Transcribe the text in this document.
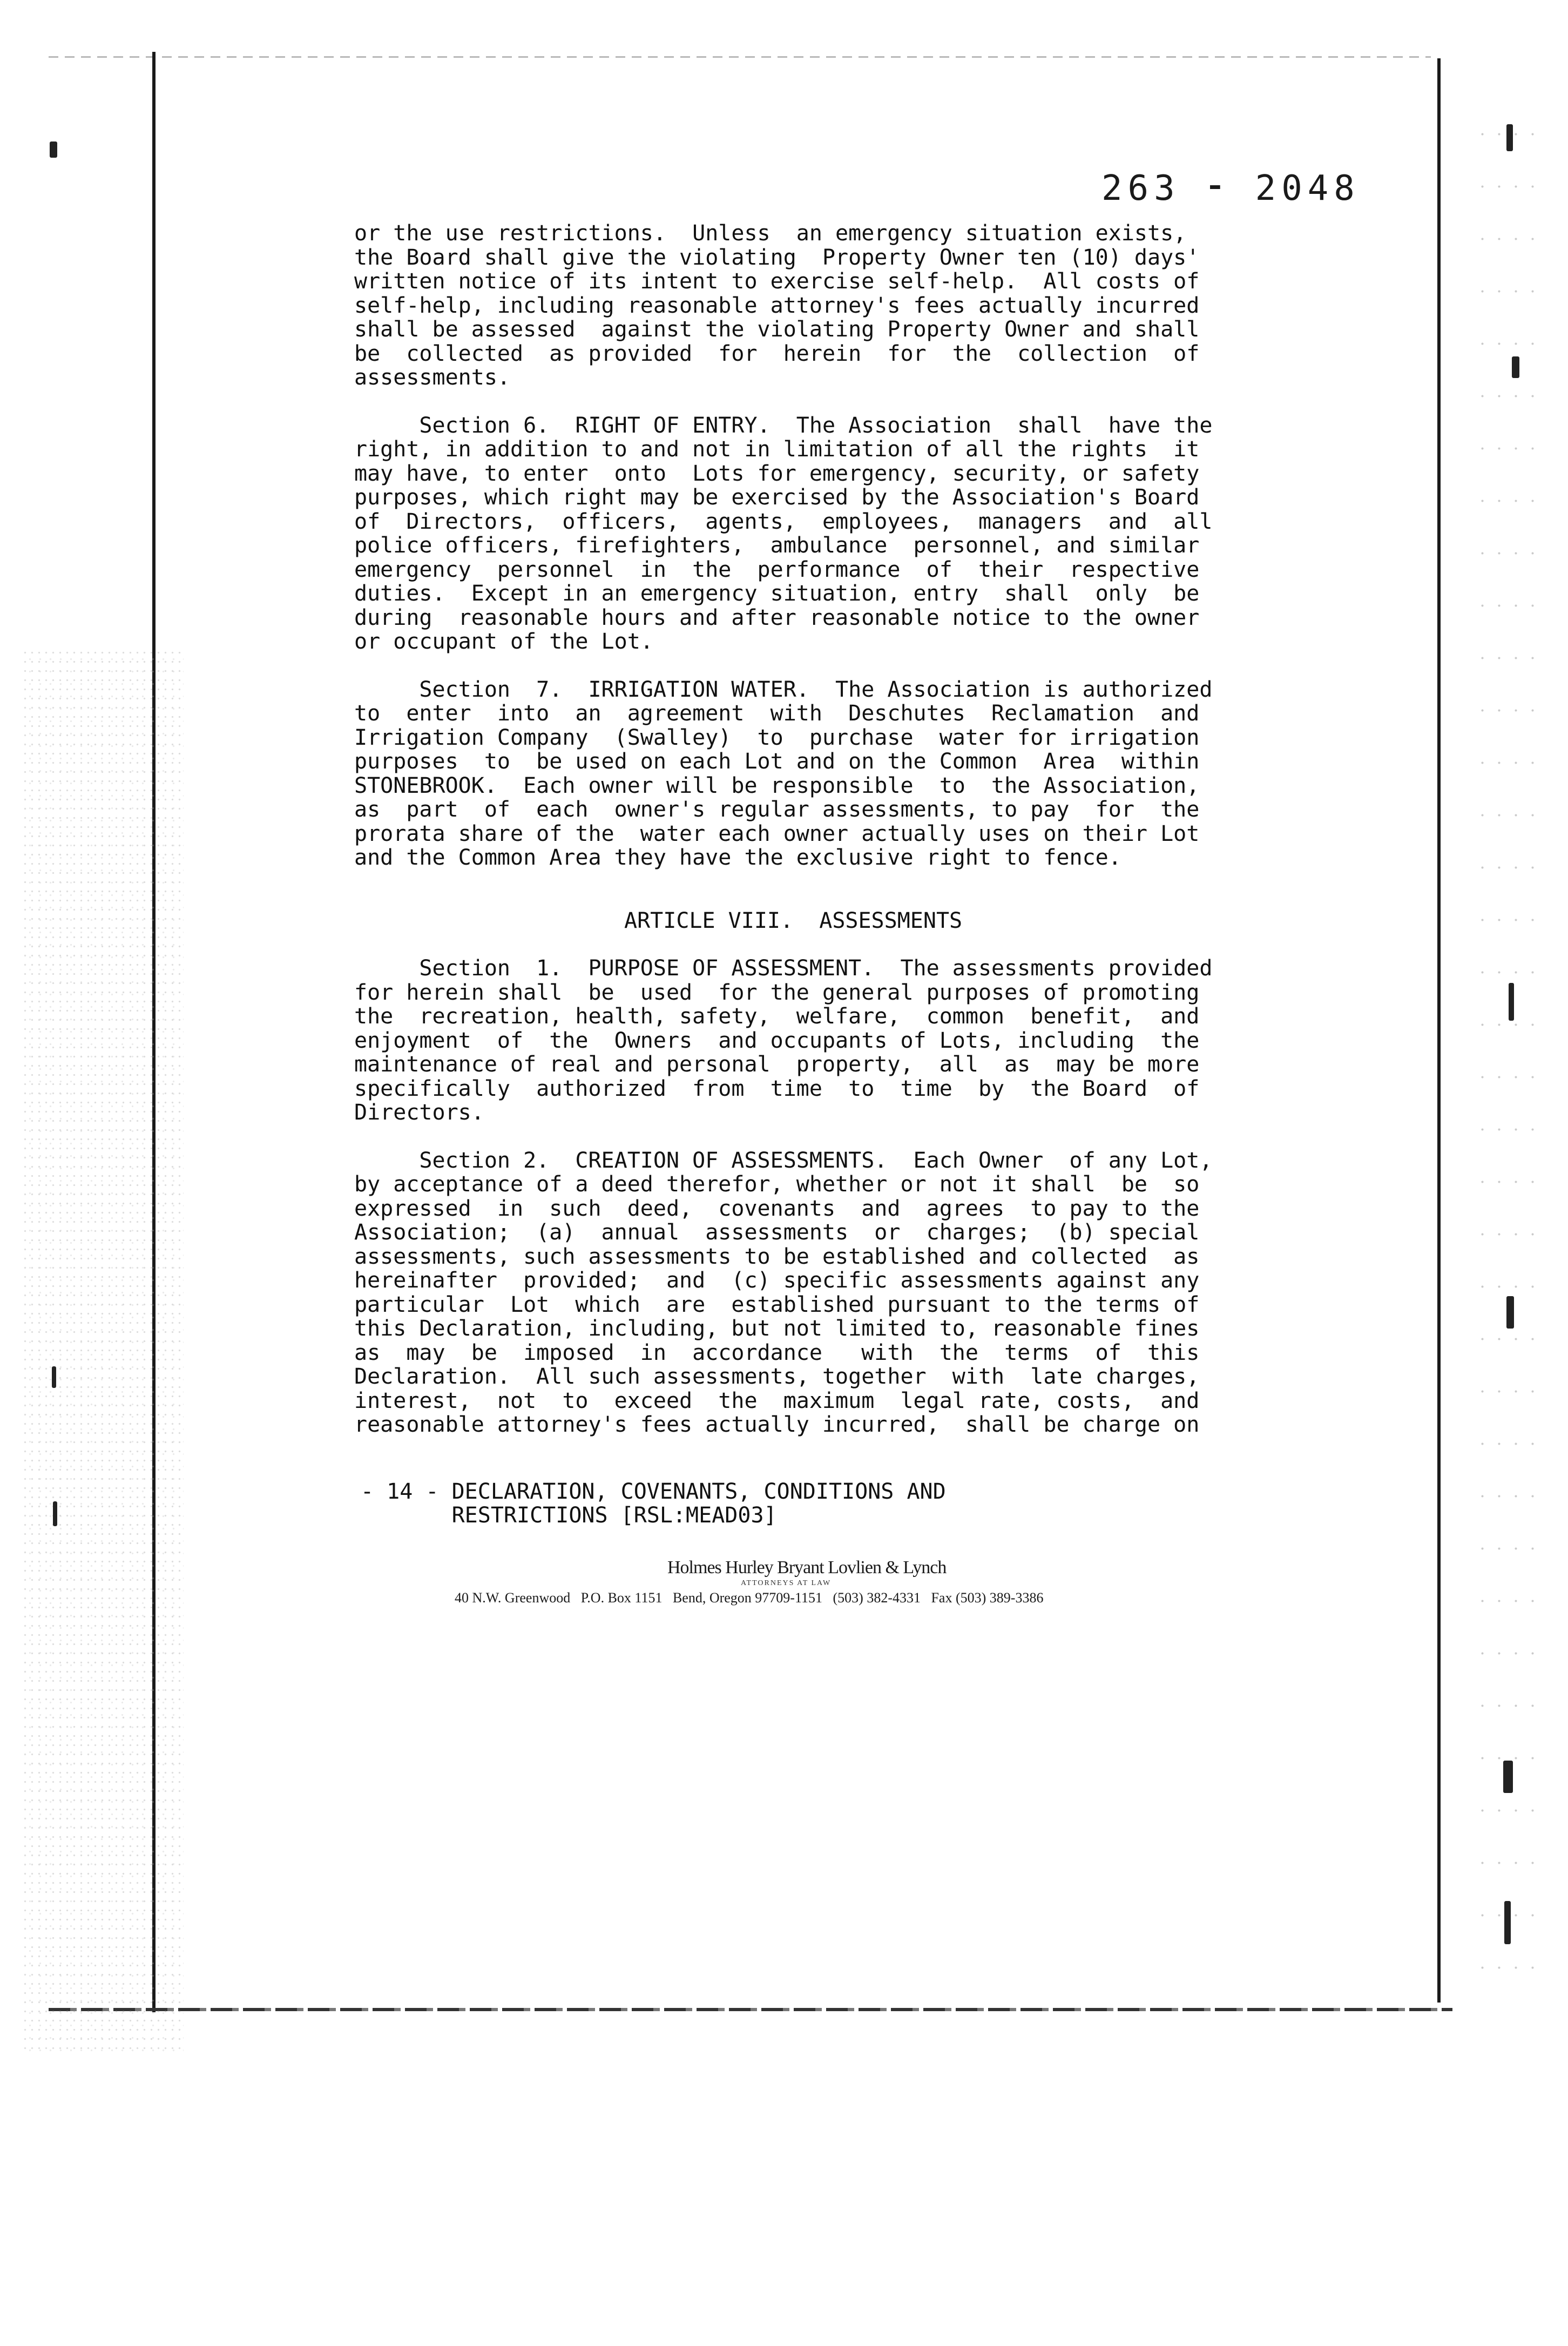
263 ⁃ 2048

or the use restrictions.  Unless  an emergency situation exists,
the Board shall give the violating  Property Owner ten (10) days'
written notice of its intent to exercise self-help.  All costs of
self-help, including reasonable attorney's fees actually incurred
shall be assessed  against the violating Property Owner and shall
be  collected  as provided  for  herein  for  the  collection  of
assessments.

Section 6.  RIGHT OF ENTRY.  The Association  shall  have the
right, in addition to and not in limitation of all the rights  it
may have, to enter  onto  Lots for emergency, security, or safety
purposes, which right may be exercised by the Association's Board
of  Directors,  officers,  agents,  employees,  managers  and  all
police officers, firefighters,  ambulance  personnel, and similar
emergency  personnel  in  the  performance  of  their  respective
duties.  Except in an emergency situation, entry  shall  only  be
during  reasonable hours and after reasonable notice to the owner
or occupant of the Lot.

Section  7.  IRRIGATION WATER.  The Association is authorized
to  enter  into  an  agreement  with  Deschutes  Reclamation  and
Irrigation Company  (Swalley)  to  purchase  water for irrigation
purposes  to  be used on each Lot and on the Common  Area  within
STONEBROOK.  Each owner will be responsible  to  the Association,
as  part  of  each  owner's regular assessments, to pay  for  the
prorata share of the  water each owner actually uses on their Lot
and the Common Area they have the exclusive right to fence.

ARTICLE VIII.  ASSESSMENTS

Section  1.  PURPOSE OF ASSESSMENT.  The assessments provided
for herein shall  be  used  for the general purposes of promoting
the  recreation, health, safety,  welfare,  common  benefit,  and
enjoyment  of  the  Owners  and occupants of Lots, including  the
maintenance of real and personal  property,  all  as  may be more
specifically  authorized  from  time  to  time  by  the Board  of
Directors.

Section 2.  CREATION OF ASSESSMENTS.  Each Owner  of any Lot,
by acceptance of a deed therefor, whether or not it shall  be  so
expressed  in  such  deed,  covenants  and  agrees  to pay to the
Association;  (a)  annual  assessments  or  charges;  (b) special
assessments, such assessments to be established and collected  as
hereinafter  provided;  and  (c) specific assessments against any
particular  Lot  which  are  established pursuant to the terms of
this Declaration, including, but not limited to, reasonable fines
as  may  be  imposed  in  accordance   with  the  terms  of  this
Declaration.  All such assessments, together  with  late charges,
interest,  not  to  exceed  the  maximum  legal rate, costs,  and
reasonable attorney's fees actually incurred,  shall be charge on

- 14 - DECLARATION, COVENANTS, CONDITIONS AND
RESTRICTIONS [RSL:MEAD03]
Holmes Hurley Bryant Lovlien & Lynch
ATTORNEYS AT LAW
40 N.W. Greenwood   P.O. Box 1151   Bend, Oregon 97709-1151   (503) 382-4331   Fax (503) 389-3386
